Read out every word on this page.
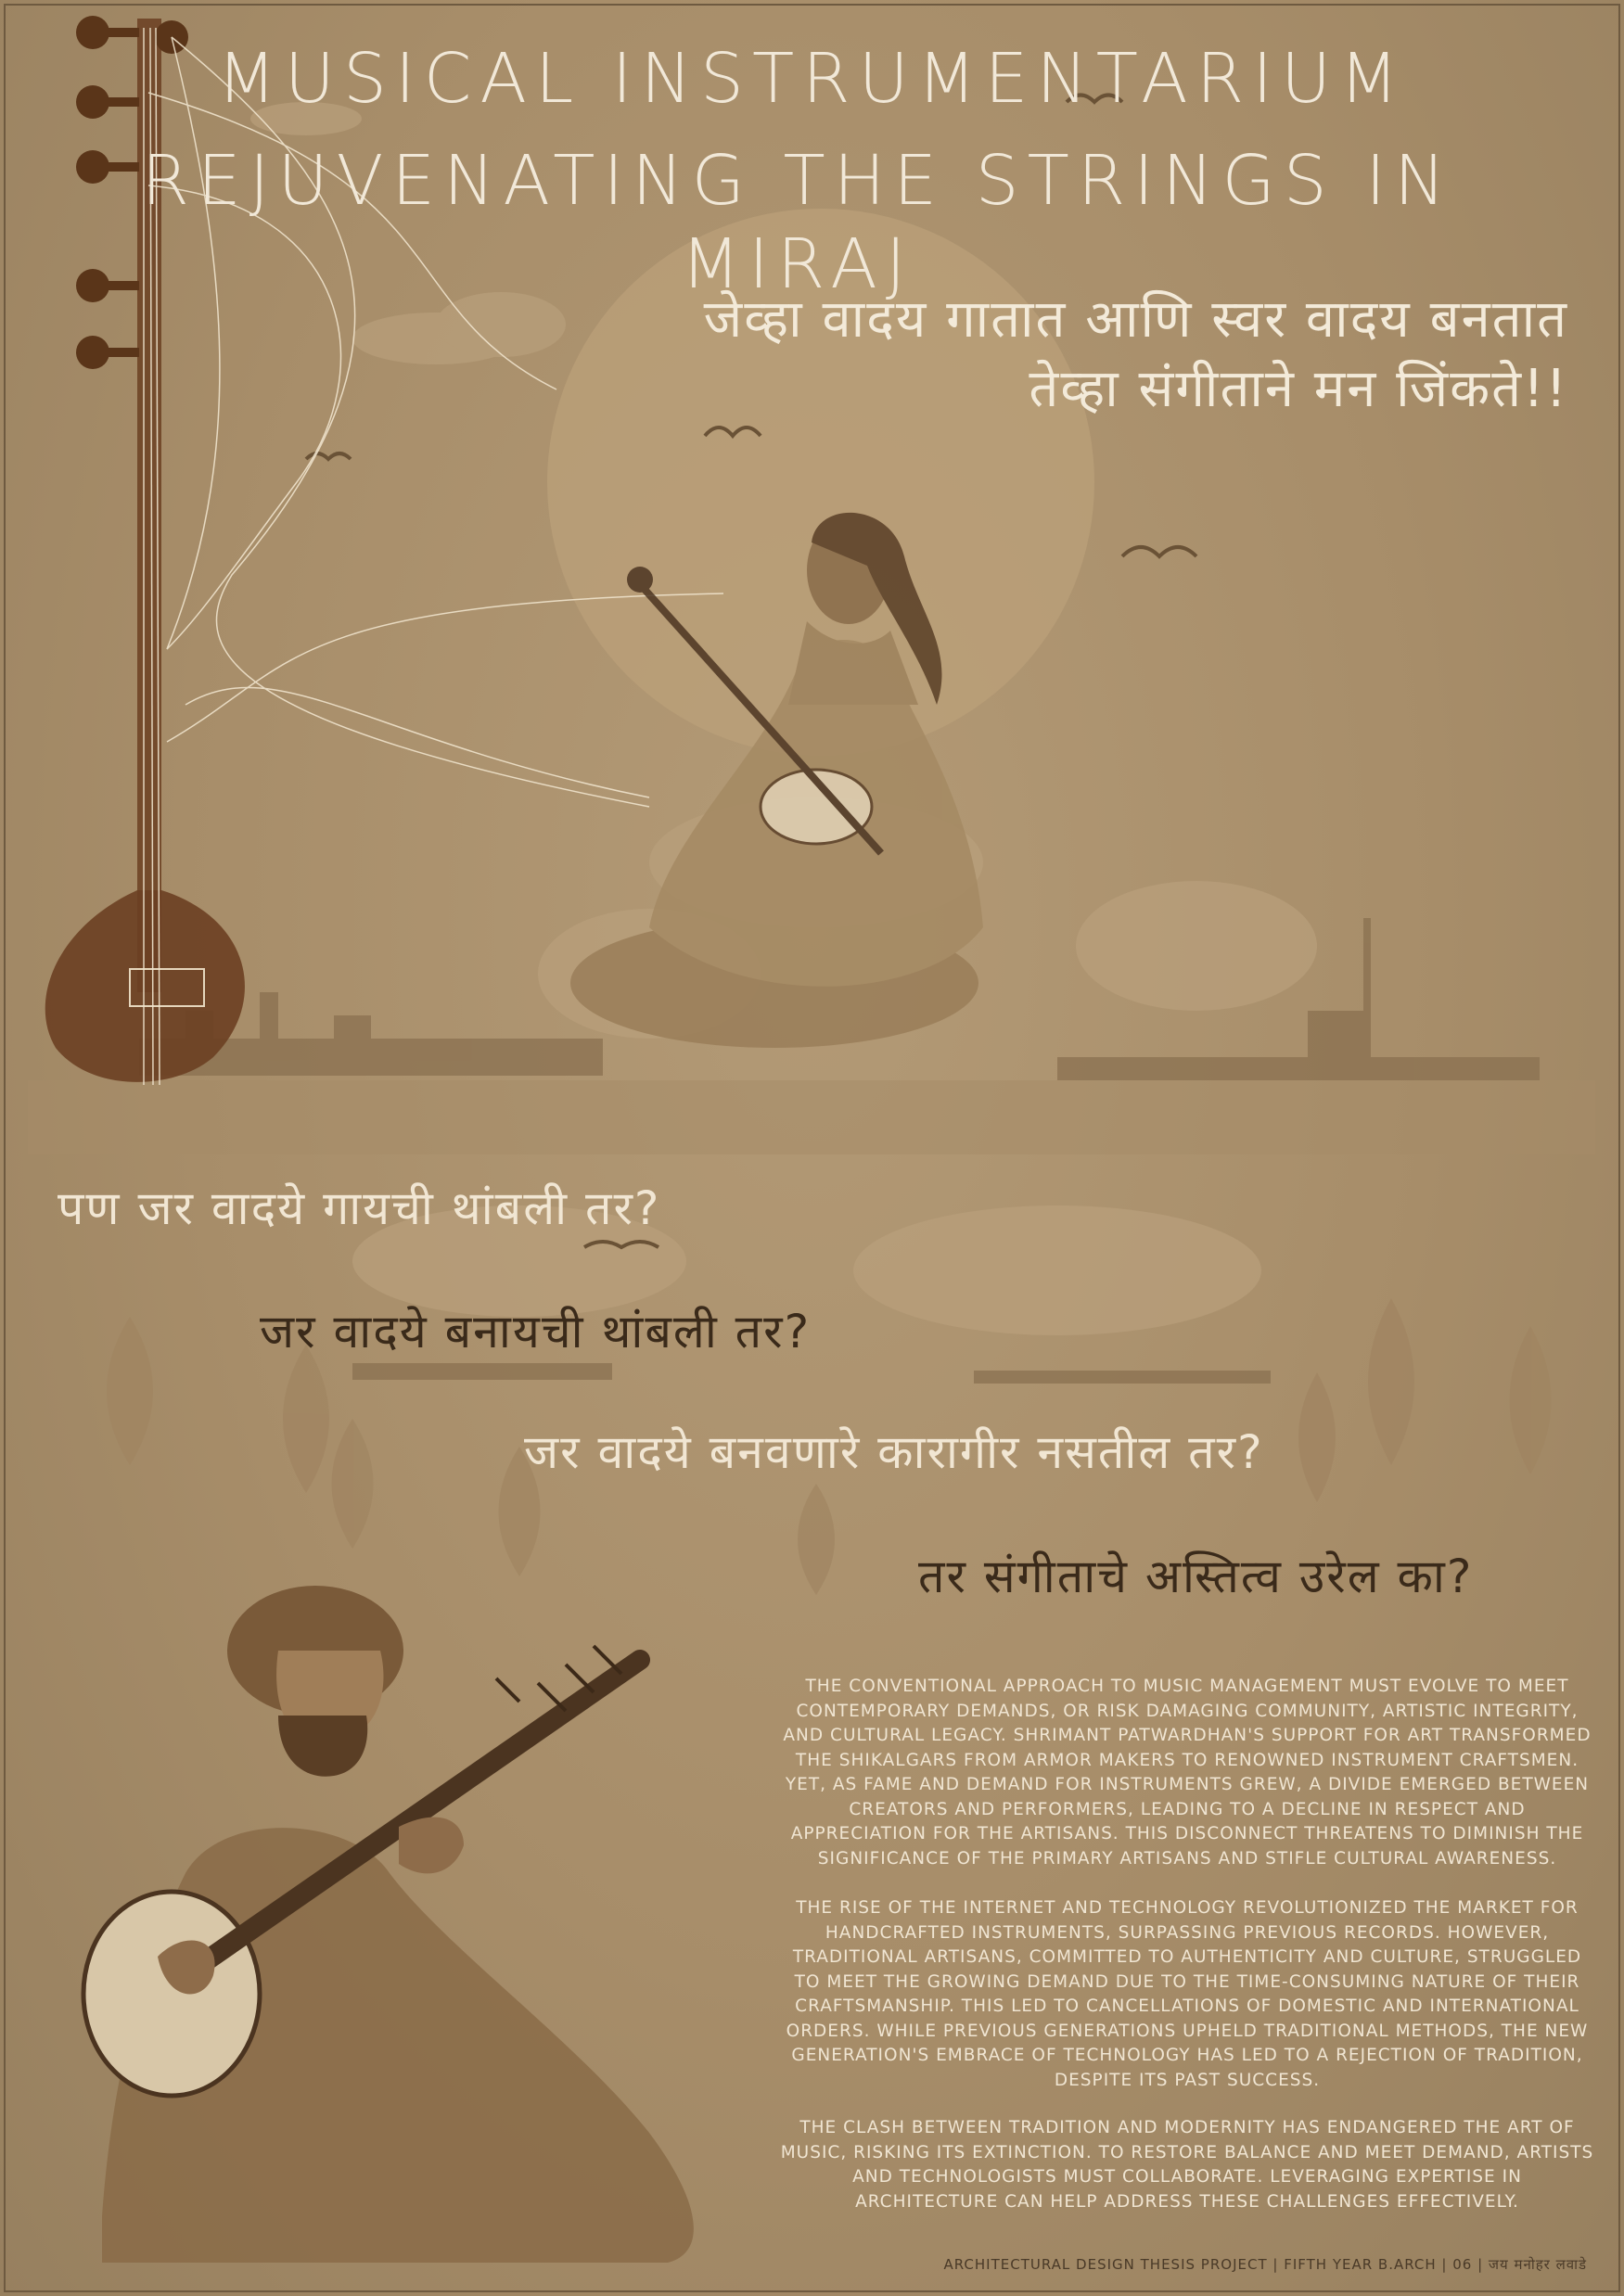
MUSICAL INSTRUMENTARIUM
REJUVENATING THE STRINGS IN MIRAJ
जेव्हा वादय गातात आणि स्वर वादय बनतात
तेव्हा संगीताने मन जिंकते!!
पण जर वादये गायची थांबली तर?
जर वादये बनायची थांबली तर?
जर वादये बनवणारे कारागीर नसतील तर?
तर संगीताचे अस्तित्व उरेल का?
THE CONVENTIONAL APPROACH TO MUSIC MANAGEMENT MUST EVOLVE TO MEET CONTEMPORARY DEMANDS, OR RISK DAMAGING COMMUNITY, ARTISTIC INTEGRITY, AND CULTURAL LEGACY. SHRIMANT PATWARDHAN'S SUPPORT FOR ART TRANSFORMED THE SHIKALGARS FROM ARMOR MAKERS TO RENOWNED INSTRUMENT CRAFTSMEN. YET, AS FAME AND DEMAND FOR INSTRUMENTS GREW, A DIVIDE EMERGED BETWEEN CREATORS AND PERFORMERS, LEADING TO A DECLINE IN RESPECT AND APPRECIATION FOR THE ARTISANS. THIS DISCONNECT THREATENS TO DIMINISH THE SIGNIFICANCE OF THE PRIMARY ARTISANS AND STIFLE CULTURAL AWARENESS.
THE RISE OF THE INTERNET AND TECHNOLOGY REVOLUTIONIZED THE MARKET FOR HANDCRAFTED INSTRUMENTS, SURPASSING PREVIOUS RECORDS. HOWEVER, TRADITIONAL ARTISANS, COMMITTED TO AUTHENTICITY AND CULTURE, STRUGGLED TO MEET THE GROWING DEMAND DUE TO THE TIME-CONSUMING NATURE OF THEIR CRAFTSMANSHIP. THIS LED TO CANCELLATIONS OF DOMESTIC AND INTERNATIONAL ORDERS. WHILE PREVIOUS GENERATIONS UPHELD TRADITIONAL METHODS, THE NEW GENERATION'S EMBRACE OF TECHNOLOGY HAS LED TO A REJECTION OF TRADITION, DESPITE ITS PAST SUCCESS.
THE CLASH BETWEEN TRADITION AND MODERNITY HAS ENDANGERED THE ART OF MUSIC, RISKING ITS EXTINCTION. TO RESTORE BALANCE AND MEET DEMAND, ARTISTS AND TECHNOLOGISTS MUST COLLABORATE. LEVERAGING EXPERTISE IN ARCHITECTURE CAN HELP ADDRESS THESE CHALLENGES EFFECTIVELY.
ARCHITECTURAL DESIGN THESIS PROJECT | FIFTH YEAR B.ARCH | 06 | जय मनोहर लवाडे
